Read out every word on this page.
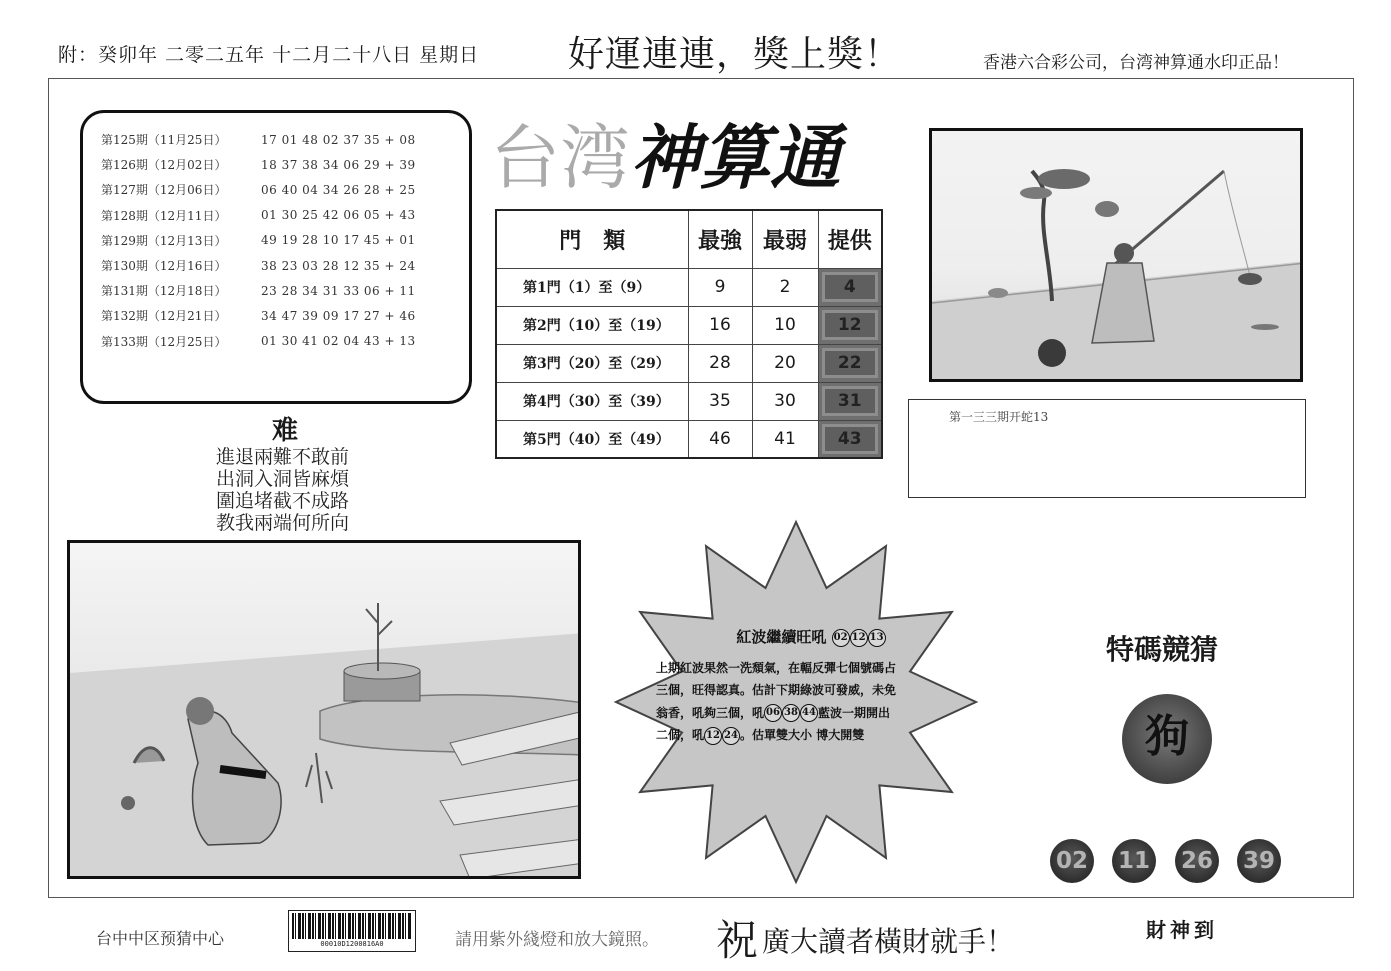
附：癸卯年 二零二五年 十二月二十八日 星期日 好運連連，獎上獎！	香港六合彩公司，台湾神算通水印正品！
第125期（11月25日）	17 01 48 02 37 35 + 08
第126期（12月02日）	18 37 38 34 06 29 + 39
第127期（12月06日）	06 40 04 34 26 28 + 25
第128期（12月11日）	01 30 25 42 06 05 + 43
第129期（12月13日）	49 19 28 10 17 45 + 01
第130期（12月16日）	38 23 03 28 12 35 + 24
第131期（12月18日）	23 28 34 31 33 06 + 11
第132期（12月21日）	34 47 39 09 17 27 + 46
第133期（12月25日）	01 30 41 02 04 43 + 13
台湾神算通
門　類	最強	最弱	提供
第1門（1）至（9）	9	2	4
第2門（10）至（19）	16	10	12
第3門（20）至（29）	28	20	22
第4門（30）至（39）	35	30	31
第5門（40）至（49）	46	41	43
第一三三期开蛇13
难
進退兩難不敢前
出洞入洞皆麻煩
圍追堵截不成路
教我兩端何所向
紅波繼續旺吼 02 12 13
上期紅波果然一洗頹氣，在輻反彈七個號碼占
三個，旺得認真。估計下期綠波可發威，未免
翁香，吼夠三個，吼 06 38 44 藍波一期開出
二個，吼 12 24 。估單雙大小 博大開雙
特碼競猜
狗
02 11 26 39
台中中区预猜中心	00010D1200816A0	請用紫外綫燈和放大鏡照。 祝 廣大讀者橫財就手！	財神到
